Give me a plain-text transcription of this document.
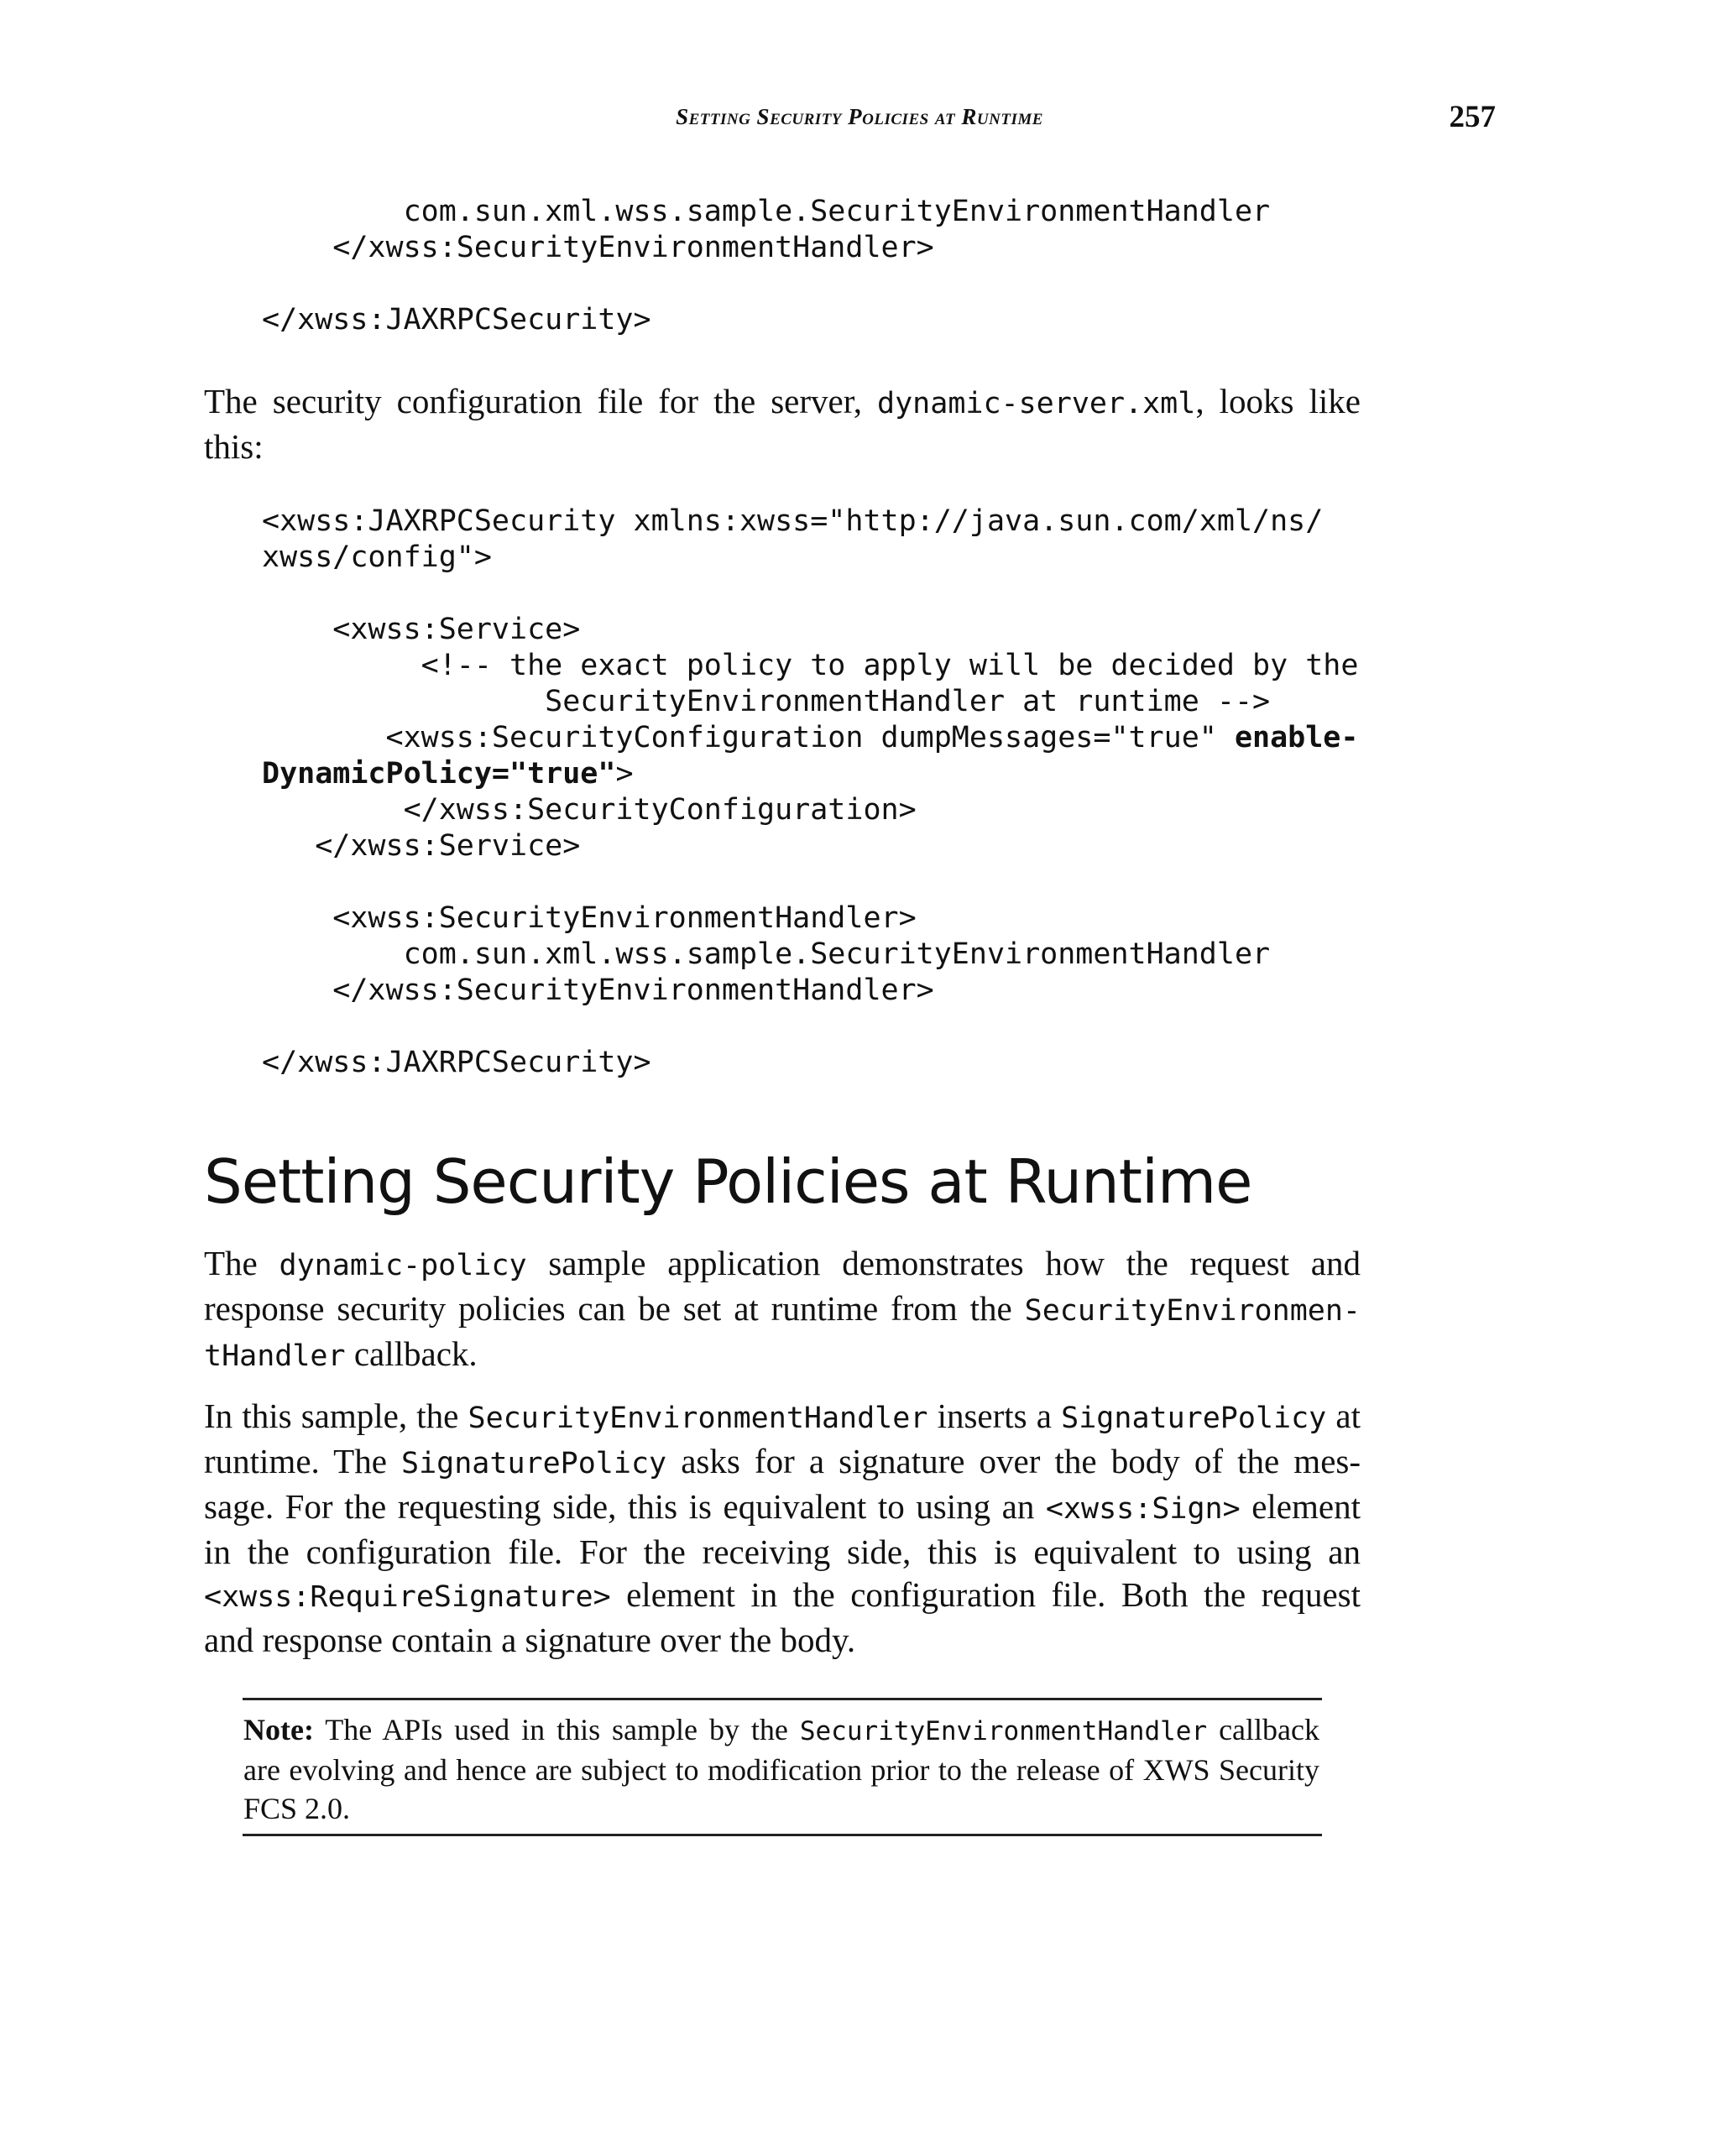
Setting Security Policies at Runtime	257
com.sun.xml.wss.sample.SecurityEnvironmentHandler
</xwss:SecurityEnvironmentHandler>

</xwss:JAXRPCSecurity>

The security configuration file for the server, dynamic-server.xml, looks like this:

<xwss:JAXRPCSecurity xmlns:xwss="http://java.sun.com/xml/ns/
xwss/config">

<xwss:Service>
<!-- the exact policy to apply will be decided by the
SecurityEnvironmentHandler at runtime -->
<xwss:SecurityConfiguration dumpMessages="true" enable-
DynamicPolicy="true">
</xwss:SecurityConfiguration>
</xwss:Service>

<xwss:SecurityEnvironmentHandler>
com.sun.xml.wss.sample.SecurityEnvironmentHandler
</xwss:SecurityEnvironmentHandler>

</xwss:JAXRPCSecurity>
Setting Security Policies at Runtime

The dynamic-policy sample application demonstrates how the request and response security policies can be set at runtime from the SecurityEnvironmen-tHandler callback.

In this sample, the SecurityEnvironmentHandler inserts a SignaturePolicy at runtime. The SignaturePolicy asks for a signature over the body of the mes-sage. For the requesting side, this is equivalent to using an <xwss:Sign> element in the configuration file. For the receiving side, this is equivalent to using an <xwss:RequireSignature> element in the configuration file. Both the request and response contain a signature over the body.

Note: The APIs used in this sample by the SecurityEnvironmentHandler callback are evolving and hence are subject to modification prior to the release of XWS Security FCS 2.0.
